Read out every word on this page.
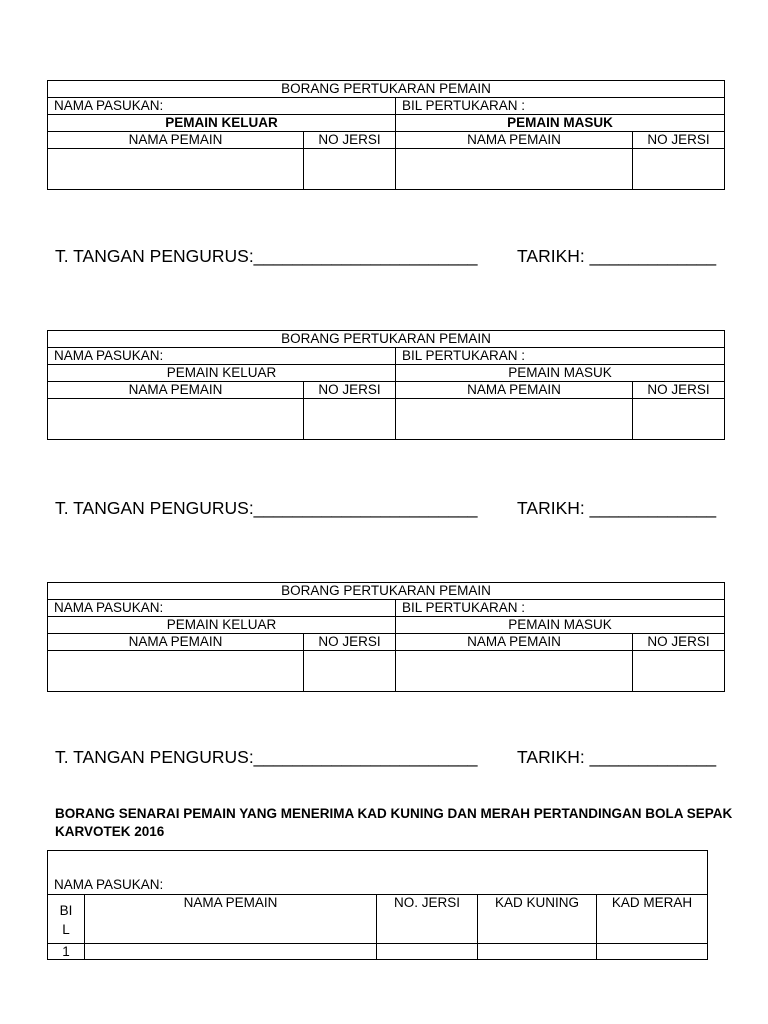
BORANG PERTUKARAN PEMAIN			
NAMA PASUKAN:		BIL PERTUKARAN :	
PEMAIN KELUAR		PEMAIN MASUK	
NAMA PEMAIN	NO JERSI	NAMA PEMAIN	NO JERSI

T. TANGAN PENGURUS:_______________________ TARIKH: _____________
BORANG PERTUKARAN PEMAIN			
NAMA PASUKAN:		BIL PERTUKARAN :	
PEMAIN KELUAR		PEMAIN MASUK	
NAMA PEMAIN	NO JERSI	NAMA PEMAIN	NO JERSI

T. TANGAN PENGURUS:_______________________ TARIKH: _____________
BORANG PERTUKARAN PEMAIN			
NAMA PASUKAN:		BIL PERTUKARAN :	
PEMAIN KELUAR		PEMAIN MASUK	
NAMA PEMAIN	NO JERSI	NAMA PEMAIN	NO JERSI

T. TANGAN PENGURUS:_______________________ TARIKH: _____________
BORANG SENARAI PEMAIN YANG MENERIMA KAD KUNING DAN MERAH PERTANDINGAN BOLA SEPAK KARVOTEK 2016
NAMA PASUKAN:				
BI
L	NAMA PEMAIN	NO. JERSI	KAD KUNING	KAD MERAH
1				
